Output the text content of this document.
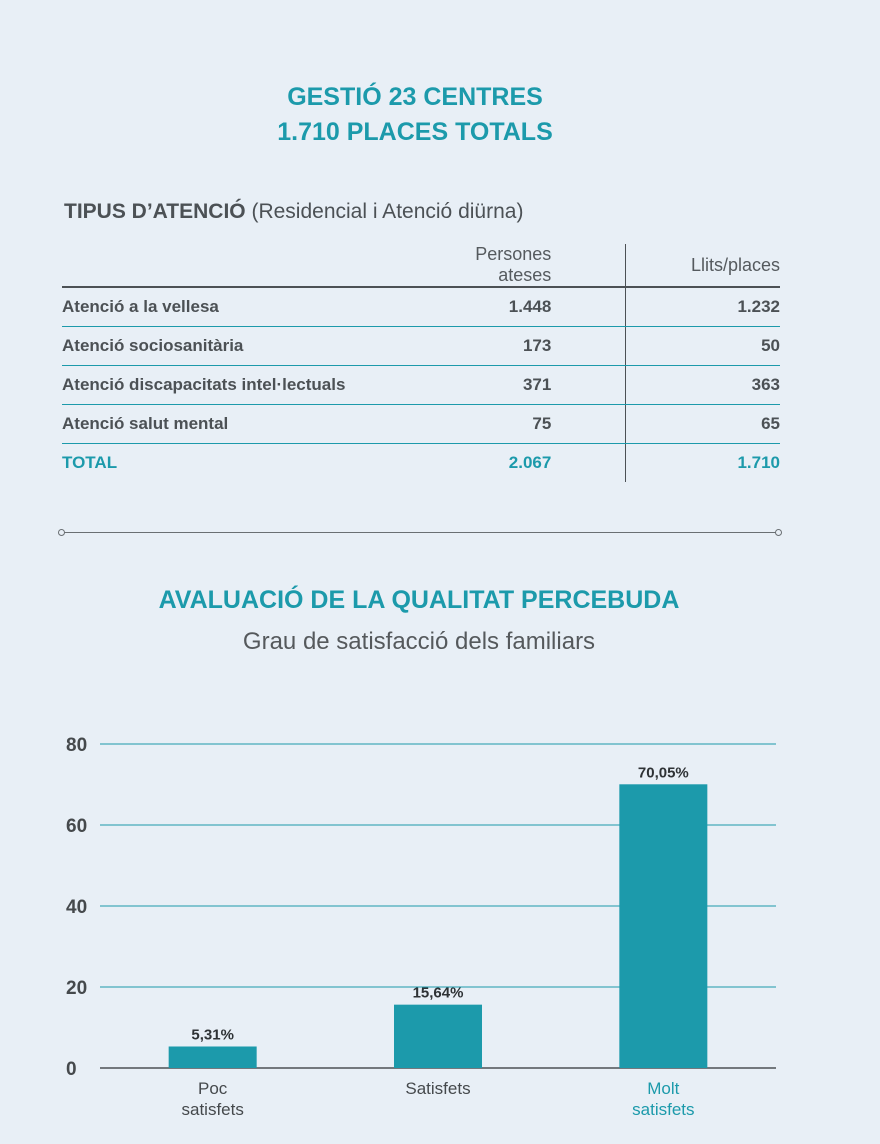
GESTIÓ 23 CENTRES
1.710 PLACES TOTALS
TIPUS D’ATENCIÓ (Residencial i Atenció diürna)
	Persones ateses		Llits/places
Atenció a la vellesa	1.448		1.232
Atenció sociosanitària	173		50
Atenció discapacitats intel·lectuals	371		363
Atenció salut mental	75		65
TOTAL	2.067		1.710
AVALUACIÓ DE LA QUALITAT PERCEBUDA
Grau de satisfacció dels familiars
0
20
40
60
80
5,31%
Poc
satisfets
15,64%
Satisfets
70,05%
Molt
satisfets
